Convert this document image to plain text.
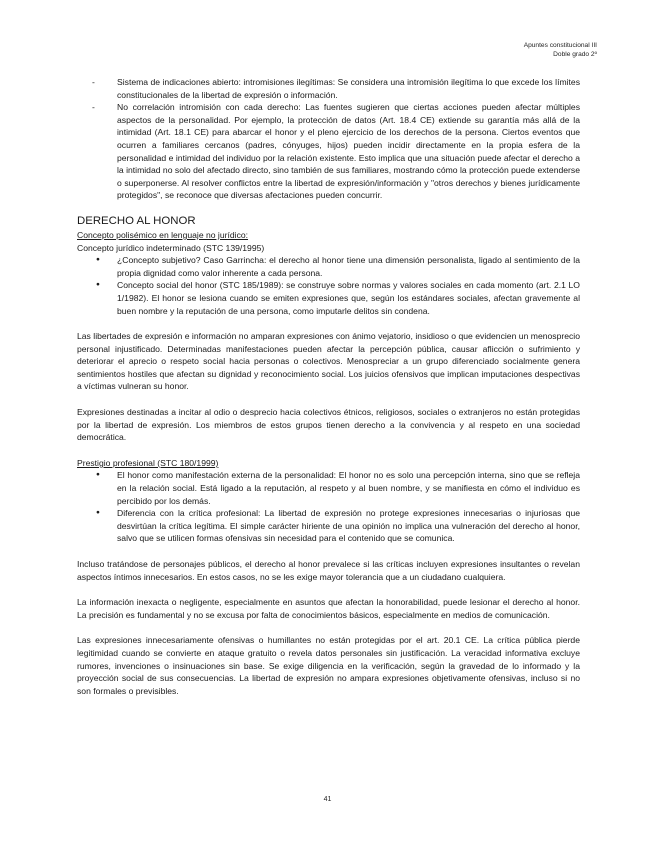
Apuntes constitucional III
Doble grado 2º
- Sistema de indicaciones abierto: intromisiones ilegítimas: Se considera una intromisión ilegítima lo que excede los límites constitucionales de la libertad de expresión o información.
- No correlación intromisión con cada derecho: Las fuentes sugieren que ciertas acciones pueden afectar múltiples aspectos de la personalidad. Por ejemplo, la protección de datos (Art. 18.4 CE) extiende su garantía más allá de la intimidad (Art. 18.1 CE) para abarcar el honor y el pleno ejercicio de los derechos de la persona. Ciertos eventos que ocurren a familiares cercanos (padres, cónyuges, hijos) pueden incidir directamente en la propia esfera de la personalidad e intimidad del individuo por la relación existente. Esto implica que una situación puede afectar el derecho a la intimidad no solo del afectado directo, sino también de sus familiares, mostrando cómo la protección puede extenderse o superponerse. Al resolver conflictos entre la libertad de expresión/información y "otros derechos y bienes jurídicamente protegidos", se reconoce que diversas afectaciones pueden concurrir.
DERECHO AL HONOR
Concepto polisémico en lenguaje no jurídico:
Concepto jurídico indeterminado (STC 139/1995)
● ¿Concepto subjetivo? Caso Garrincha: el derecho al honor tiene una dimensión personalista, ligado al sentimiento de la propia dignidad como valor inherente a cada persona.
● Concepto social del honor (STC 185/1989): se construye sobre normas y valores sociales en cada momento (art. 2.1 LO 1/1982). El honor se lesiona cuando se emiten expresiones que, según los estándares sociales, afectan gravemente al buen nombre y la reputación de una persona, como imputarle delitos sin condena.

Las libertades de expresión e información no amparan expresiones con ánimo vejatorio, insidioso o que evidencien un menosprecio personal injustificado. Determinadas manifestaciones pueden afectar la percepción pública, causar aflicción o sufrimiento y deteriorar el aprecio o respeto social hacia personas o colectivos. Menospreciar a un grupo diferenciado socialmente genera sentimientos hostiles que afectan su dignidad y reconocimiento social. Los juicios ofensivos que implican imputaciones despectivas a víctimas vulneran su honor.

Expresiones destinadas a incitar al odio o desprecio hacia colectivos étnicos, religiosos, sociales o extranjeros no están protegidas por la libertad de expresión. Los miembros de estos grupos tienen derecho a la convivencia y al respeto en una sociedad democrática.

Prestigio profesional (STC 180/1999)
● El honor como manifestación externa de la personalidad: El honor no es solo una percepción interna, sino que se refleja en la relación social. Está ligado a la reputación, al respeto y al buen nombre, y se manifiesta en cómo el individuo es percibido por los demás.
● Diferencia con la crítica profesional: La libertad de expresión no protege expresiones innecesarias o injuriosas que desvirtúan la crítica legítima. El simple carácter hiriente de una opinión no implica una vulneración del derecho al honor, salvo que se utilicen formas ofensivas sin necesidad para el contenido que se comunica.

Incluso tratándose de personajes públicos, el derecho al honor prevalece si las críticas incluyen expresiones insultantes o revelan aspectos íntimos innecesarios. En estos casos, no se les exige mayor tolerancia que a un ciudadano cualquiera.

La información inexacta o negligente, especialmente en asuntos que afectan la honorabilidad, puede lesionar el derecho al honor. La precisión es fundamental y no se excusa por falta de conocimientos básicos, especialmente en medios de comunicación.

Las expresiones innecesariamente ofensivas o humillantes no están protegidas por el art. 20.1 CE. La crítica pública pierde legitimidad cuando se convierte en ataque gratuito o revela datos personales sin justificación. La veracidad informativa excluye rumores, invenciones o insinuaciones sin base. Se exige diligencia en la verificación, según la gravedad de lo informado y la proyección social de sus consecuencias. La libertad de expresión no ampara expresiones objetivamente ofensivas, incluso si no son formales o previsibles.

41
